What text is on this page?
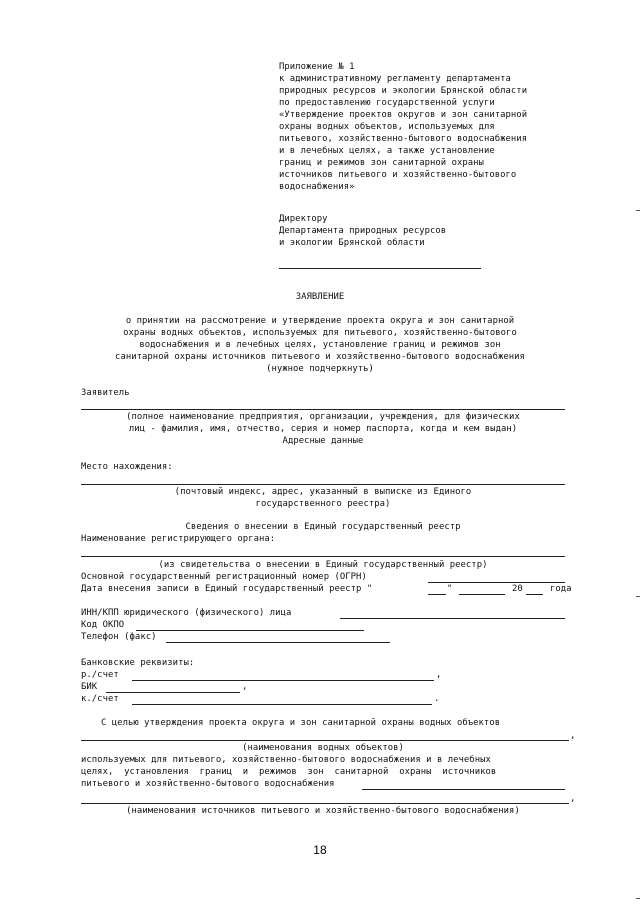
Приложение № 1
к административному регламенту департамента
природных ресурсов и экологии Брянской области
по предоставлению государственной услуги
«Утверждение проектов округов и зон санитарной
охраны водных объектов, используемых для
питьевого, хозяйственно-бытового водоснабжения
и в лечебных целях, а также установление
границ и режимов зон санитарной охраны
источников питьевого и хозяйственно-бытового
водоснабжения»
Директору
Департамента природных ресурсов
и экологии Брянской области
ЗАЯВЛЕНИЕ
о принятии на рассмотрение и утверждение проекта округа и зон санитарной
охраны водных объектов, используемых для питьевого, хозяйственно-бытового
водоснабжения и в лечебных целях, установление границ и режимов зон
санитарной охраны источников питьевого и хозяйственно-бытового водоснабжения
(нужное подчеркнуть)
Заявитель
(полное наименование предприятия, организации, учреждения, для физических
лиц - фамилия, имя, отчество, серия и номер паспорта, когда и кем выдан)
Адресные данные
Место нахождения:
(почтовый индекс, адрес, указанный в выписке из Единого
государственного реестра)
Сведения о внесении в Единый государственный реестр
Наименование регистрирующего органа:
(из свидетельства о внесении в Единый государственный реестр)
Основной государственный регистрационный номер (ОГРН)
Дата внесения записи в Единый государственный реестр "	"	20	года
ИНН/КПП юридического (физического) лица
Код ОКПО
Телефон (факс)
Банковские реквизиты:
р./счет	,
БИК	,
к./счет	.
С целью утверждения проекта округа и зон санитарной охраны водных объектов
,
(наименования водных объектов)
используемых для питьевого, хозяйственно-бытового водоснабжения и в лечебных
целях,  установления  границ  и  режимов  зон  санитарной  охраны  источников
питьевого и хозяйственно-бытового водоснабжения
,
(наименования источников питьевого и хозяйственно-бытового водоснабжения)
18
